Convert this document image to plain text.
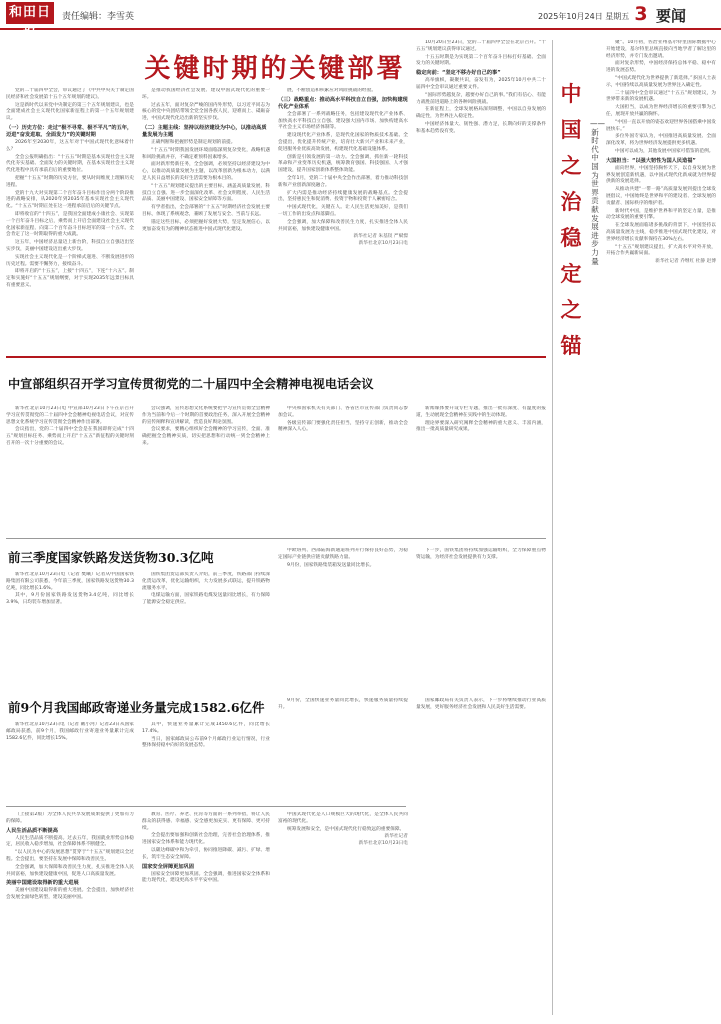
和田日报
责任编辑：李雪英	2025年10月24日 星期五 3 要闻
关键时期的关键部署

党的二十届四中全会，审议通过了《中共中央关于制定国民经济和社会发展第十五个五年规划的建议》。

这是新时代以来党中央制定的第三个五年规划建议，也是全面建成社会主义现代化国家新征程上的第一个五年规划建议。

（一）历史方位：走过“极不寻常、极不平凡”的五年，迈进“奋发进取、全面发力”的关键时期

2026年至2030年，这五年对于中国式现代化意味着什么？

全会公报明确指出：“十五五”时期是基本实现社会主义现代化夯实基础、全面发力的关键时期，在基本实现社会主义现代化进程中具有承前启后的重要地位。

把握“十五五”时期的历史方位，要从时间维度上理解历史进程。

党的十九大对实现第二个百年奋斗目标作出分两个阶段推进的战略安排，从2020年到2035年基本实现社会主义现代化。“十五五”时期正处在这一进程承前启后的关键节点。

即将收官的“十四五”，是我国全面建成小康社会、实现第一个百年奋斗目标之后，乘势而上开启全面建设社会主义现代化国家新征程、向第二个百年奋斗目标进军的第一个五年。全会肯定了这一时期取得的重大成就。

这五年，中国经济总量迈上新台阶，科技自立自强迈出坚实步伐，美丽中国建设迈出重大步伐。

实现社会主义现代化是一个阶梯式递进、不断发展进步的历史过程。需要不懈努力，接续奋斗。

即将开启的“十五五”，上接“十四五”，下连“十六五”。制定和实施好“十五五”规划纲要，对于实现2035年远景目标具有重要意义。

是推动我国经济社会发展、建设中国式现代化的重要一环。

过去五年，面对复杂严峻的国内外形势，以习近平同志为核心的党中央团结带领全党全国各族人民，迎难而上、砥砺奋进，中国式现代化迈出新的坚实步伐。

（二）主题主线：坚持以经济建设为中心，以推动高质量发展为主题

正确判断和把握形势是制定规划的前提。

“十五五”时期我国发展环境面临深刻复杂变化，战略机遇和风险挑战并存，不确定难预料因素增多。

面对新形势新任务，全会强调，必须坚持以经济建设为中心，以推动高质量发展为主题，以改革创新为根本动力，以满足人民日益增长的美好生活需要为根本目的。

“十五五”规划建议提出的主要目标，涵盖高质量发展、科技自立自强、进一步全面深化改革、社会文明程度、人民生活品质、美丽中国建设、国家安全屏障等方面。

有学者指出，全会部署的“十五五”时期经济社会发展主要目标，体现了系统观念，兼顾了发展与安全、当前与长远。

锚定这些目标，必须把握好发展大势，坚定发展信心，以更加奋发有为的精神状态推进中国式现代化建设。

展，不断创造和积累应对风险挑战的经验。

（三）战略重点：推动高水平科技自立自强，加快构建现代化产业体系

全会部署了一系列战略任务，包括建设现代化产业体系、加快高水平科技自立自强、建设强大国内市场、加快构建高水平社会主义市场经济体制等。

建设现代化产业体系，是现代化国家的物质技术基础。全会提出，优化提升传统产业，培育壮大新兴产业和未来产业，促进服务业优质高效发展，构建现代化基础设施体系。

创新是引领发展的第一动力。全会强调，抓住新一轮科技革命和产业变革历史机遇，统筹教育强国、科技强国、人才强国建设，提升国家创新体系整体效能。

全年1月，党的二十届中央全会作出部署，着力推动科技创新和产业创新深度融合。

扩大内需是推动经济持续健康发展的战略基点。全会提出，坚持惠民生和促消费、投资于物和投资于人紧密结合。

中国式现代化，关键在人。让人民生活更加美好，是我们一切工作的出发点和落脚点。

全会强调，加大保障和改善民生力度，扎实推进全体人民共同富裕，加快建设健康中国。

新华社记者 朱基钗 严赋憬

新华社北京10月23日电

10月20日至23日，党的二十届四中全会在北京召开。“十五五”规划建议获得审议通过。

十五五时期是为实现第二个百年奋斗目标打好基础、全面发力的关键时期。

稳定向前：“坚定不移办好自己的事”

高举旗帜，凝聚共识，奋发有为，2025年10月中共二十届四中全会审议通过重要文件。

“国际形势越复杂，越要办好自己的事。”我们有信心、有能力战胜前进道路上的各种风险挑战。

在新征程上，全球发展格局深刻调整，中国以自身发展的确定性，为世界注入稳定性。

中国经济体量大、韧性强、潜力足，长期向好的支撑条件和基本趋势没有变。

中国之治稳定之锚
——新时代中国为世界贡献发展进步力量

聚”。10月初，佐治亚州基尔特里国际数据中心开始建设，基尔特里总统直接向当地学者了解这里的经济形势，并专门发出邀请。

面对复杂形势，中国经济保持总体平稳、稳中有进的发展态势。

“中国式现代化为世界提供了新选择。”多国人士表示，中国持续以高质量发展为世界注入确定性。

二十届四中全会审议通过“十五五”规划建议，为世界带来新的发展机遇。

大国担当，以成为世界经济增长的重要引擎为己任，展现开放共赢的胸怀。

“中国一直以开放的姿态欢迎世界各国搭乘中国发展快车。”

多位外国专家认为，中国推进高质量发展、全面深化改革，将为世界经济发展提供更多机遇。

中国可以成为，其他发展中国家可借鉴的范例。

大国担当：“以强大韧性为国人民造福”

面向世界，中国坚持胸怀天下，以自身发展为世界发展创造新机遇，以中国式现代化新成就为世界提供新的发展选择。

从推动共建“一带一路”高质量发展到提出全球发展倡议，中国始终是世界和平的建设者、全球发展的贡献者、国际秩序的维护者。

新时代中国，是维护世界和平的坚定力量，是推动全球发展的重要引擎。

在全球发展面临诸多挑战的背景下，中国坚持以高质量发展为主线，稳步推进中国式现代化建设，对世界经济增长贡献率保持在30%左右。

“十五五”规划建议提出，扩大高水平对外开放，开拓合作共赢新局面。

新华社记者 乔继红 杜静 赵博

中宣部组织召开学习宣传贯彻党的二十届四中全会精神电视电话会议

新华社北京10月23日电 中宣部10月23日下午在京召开学习宣传贯彻党的二十届四中全会精神电视电话会议，对宣传思想文化系统学习宣传贯彻全会精神作出部署。

会议指出，党的二十届四中全会是在我国即将完成“十四五”规划目标任务、乘势而上开启“十五五”新征程的关键时刻召开的一次十分重要的会议。

会议强调，宣传思想文化系统要把学习宣传贯彻全会精神作为当前和今后一个时期的首要政治任务，深入开展全会精神的宣传阐释和宣讲解读，营造良好舆论氛围。

会议要求，要精心组织好全会精神的学习宣传，全面、准确把握全会精神实质，切实把思想和行动统一到全会精神上来。

中央和国家机关有关部门、各省区市宣传部门负责同志参加会议。

各级宣传部门要强化责任担当，坚持守正创新，推动全会精神深入人心。

新闻媒体要开设专栏专题，推出一批有深度、有温度的报道，生动展现全会精神在实践中的生动体现。

理论界要深入研究阐释全会精神的重大意义、丰富内涵，推出一批高质量研究成果。

前三季度国家铁路发送货物30.3亿吨

新华社北京10月23日电（记者 樊曦）记者从中国国家铁路集团有限公司获悉，今年前三季度，国家铁路发送货物30.3亿吨，同比增长1.6%。

其中，9月份国家铁路发送货物3.4亿吨，同比增长3.9%，日均装车增加显著。

国铁集团货运部负责人介绍，前三季度，铁路部门持续深化货运改革，优化运输组织，大力发展多式联运，提升铁路物流服务水平。

电煤运输方面，国家铁路电煤发送量同比增长，有力保障了能源安全稳定供应。

中欧班列、西部陆海新通道班列开行保持良好态势，为稳定国际产业链供应链贡献铁路力量。

9月份，国家铁路集装箱发送量同比增长。

下一步，国铁集团将持续加强运输组织，全力保障重点物资运输，为经济社会发展提供有力支撑。

前9个月我国邮政寄递业务量完成1582.6亿件

新华社北京10月23日电（记者 戴小河）记者23日从国家邮政局获悉，前9个月，我国邮政行业寄递业务量累计完成1582.6亿件，同比增长15%。

其中，快递业务量累计完成1450.6亿件，同比增长17.4%。

当日，国家邮政局公布前9个月邮政行业运行情况，行业整体保持稳中向好的发展态势。

9月份，全国快递业务量同比增长，快递服务质量持续提升。

国家邮政局有关负责人表示，下一步将继续推动行业高质量发展，更好服务经济社会发展和人民美好生活需要。

（上接第2版）为全体人民共享发展成果提供了更加有力的保障。

人民生活品质不断提高

人民生活品质不断提高。过去五年，我国就业形势总体稳定，居民收入稳步增加，社会保障体系不断健全。

“以人民为中心的发展思想”贯穿于“十五五”规划建议全过程。全会提出，要坚持在发展中保障和改善民生。

全会强调，加大保障和改善民生力度，扎实推进全体人民共同富裕，加快建设健康中国，促进人口高质量发展。

美丽中国建设取得新的重大进展

美丽中国建设取得新的重大进展。全会提出，加快经济社会发展全面绿色转型，建设美丽中国。

教育、医疗、养老、托育等方面的一系列举措，将让人民群众的获得感、幸福感、安全感更加充实、更有保障、更可持续。

全会提出要加强和创新社会治理，完善社会治理体系，推进国家安全体系和能力现代化。

以碳达峰碳中和为牵引，协同推进降碳、减污、扩绿、增长，筑牢生态安全屏障。

国家安全屏障更加巩固

国家安全屏障更加巩固。全会强调，推进国家安全体系和能力现代化，建设更高水平平安中国。

中国式现代化是人口规模巨大的现代化，是全体人民共同富裕的现代化。

统筹发展和安全，是中国式现代化行稳致远的重要保障。

新华社记者

新华社北京10月23日电
